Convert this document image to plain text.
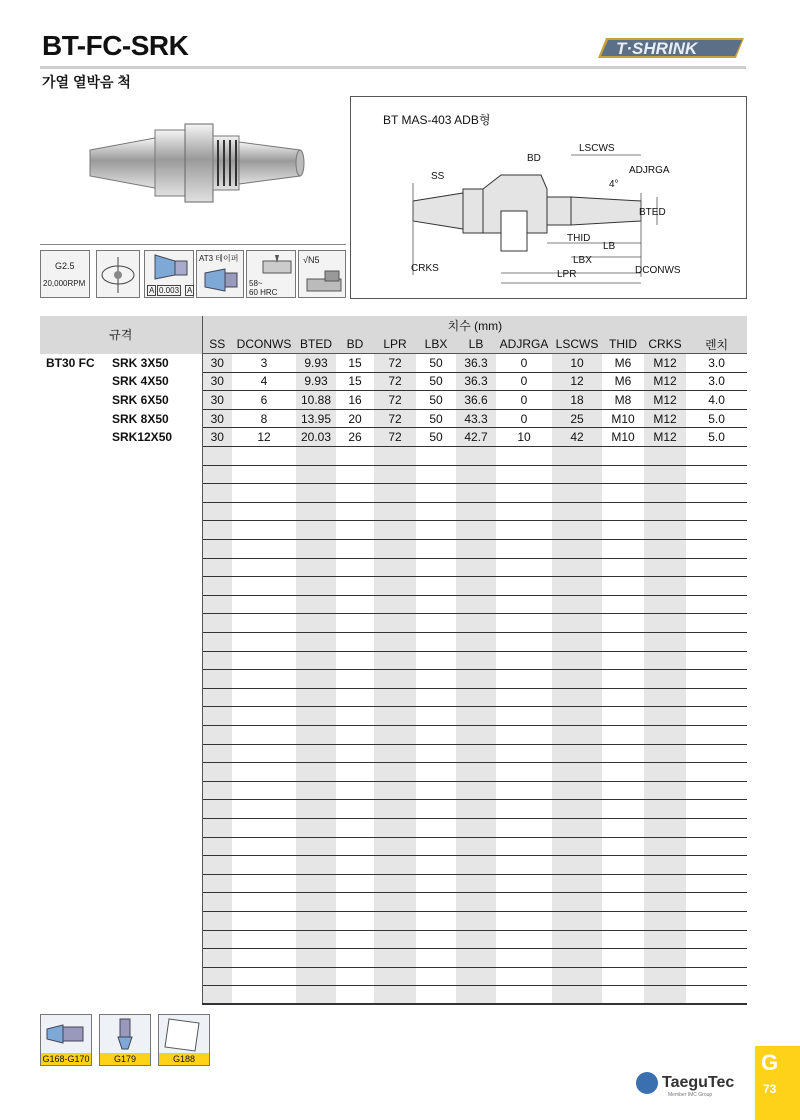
BT-FC-SRK	T·SHRINK
가열 열박음 척
G2.5
20,000RPM
A 0.003 A
AT3 테이퍼
58~
60 HRC
√N5
BT MAS-403 ADB형
BD
LSCWS
SS
ADJRGA
4°
BTED
THID
LB
LBX
CRKS
LPR	DCONWS
규격		치수 (mm)											
		SS	DCONWS	BTED	BD	LPR	LBX	LB	ADJRGA	LSCWS	THID	CRKS	렌치
BT30 FC	SRK 3X50	30	3	9.93	15	72	50	36.3	0	10	M6	M12	3.0
	SRK 4X50	30	4	9.93	15	72	50	36.3	0	12	M6	M12	3.0
	SRK 6X50	30	6	10.88	16	72	50	36.6	0	18	M8	M12	4.0
	SRK 8X50	30	8	13.95	20	72	50	43.3	0	25	M10	M12	5.0
	SRK12X50	30	12	20.03	26	72	50	42.7	10	42	M10	M12	5.0

G168-G170	G179	G188
TaeguTec
Member IMC Group
G
73
